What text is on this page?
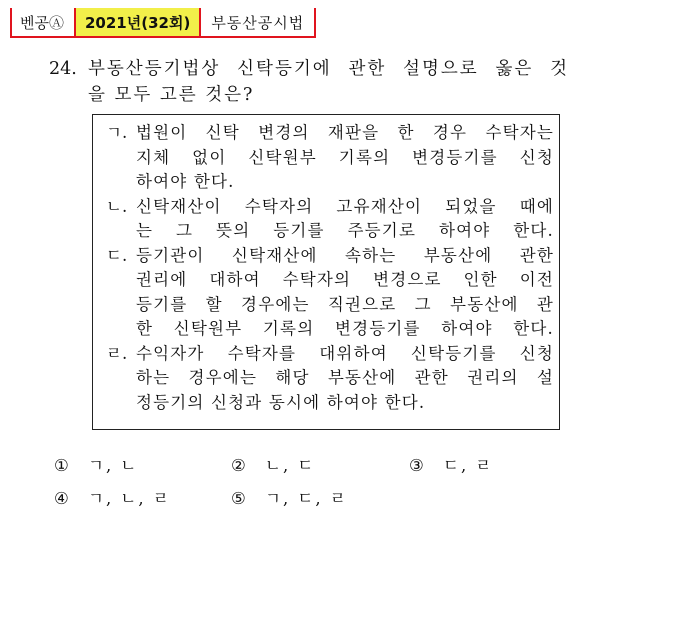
벤공Ⓐ	2021년(32회)	부동산공시법
24. 부동산등기법상 신탁등기에 관한 설명으로 옳은 것
을 모두 고른 것은?
ㄱ. 법원이 신탁 변경의 재판을 한 경우 수탁자는
지체 없이 신탁원부 기록의 변경등기를 신청
하여야 한다.
ㄴ. 신탁재산이 수탁자의 고유재산이 되었을 때에
는 그 뜻의 등기를 주등기로 하여야 한다.
ㄷ. 등기관이 신탁재산에 속하는 부동산에 관한
권리에 대하여 수탁자의 변경으로 인한 이전
등기를 할 경우에는 직권으로 그 부동산에 관
한 신탁원부 기록의 변경등기를 하여야 한다.
ㄹ. 수익자가 수탁자를 대위하여 신탁등기를 신청
하는 경우에는 해당 부동산에 관한 권리의 설
정등기의 신청과 동시에 하여야 한다.
① ㄱ, ㄴ	② ㄴ, ㄷ	③ ㄷ, ㄹ
④ ㄱ, ㄴ, ㄹ	⑤ ㄱ, ㄷ, ㄹ
